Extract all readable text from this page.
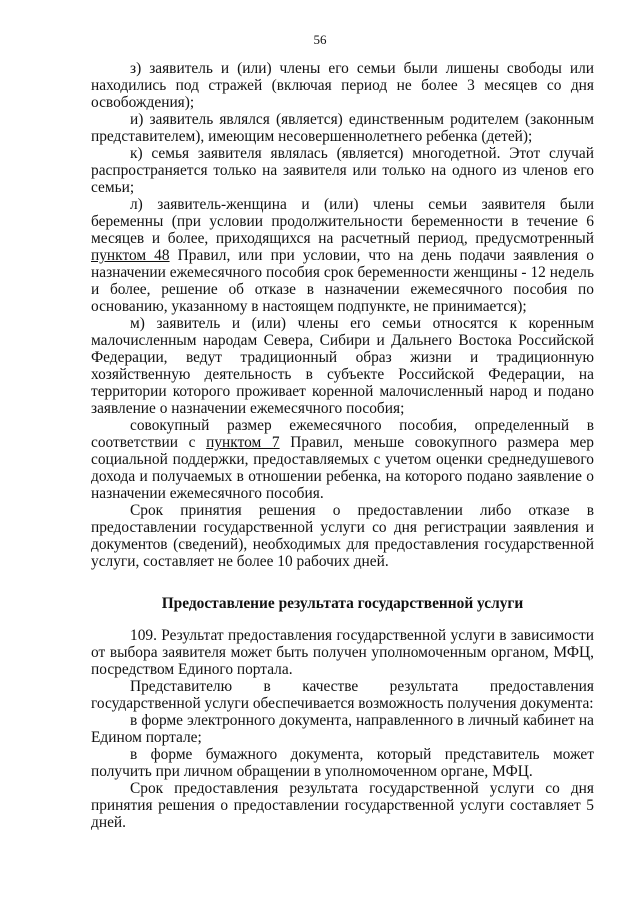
56

з) заявитель и (или) члены его семьи были лишены свободы или находились под стражей (включая период не более 3 месяцев со дня освобождения);

и) заявитель являлся (является) единственным родителем (законным представителем), имеющим несовершеннолетнего ребенка (детей);

к) семья заявителя являлась (является) многодетной. Этот случай распространяется только на заявителя или только на одного из членов его семьи;

л) заявитель-женщина и (или) члены семьи заявителя были беременны (при условии продолжительности беременности в течение 6 месяцев и более, приходящихся на расчетный период, предусмотренный пунктом 48 Правил, или при условии, что на день подачи заявления о назначении ежемесячного пособия срок беременности женщины - 12 недель и более, решение об отказе в назначении ежемесячного пособия по основанию, указанному в настоящем подпункте, не принимается);

м) заявитель и (или) члены его семьи относятся к коренным малочисленным народам Севера, Сибири и Дальнего Востока Российской Федерации, ведут традиционный образ жизни и традиционную хозяйственную деятельность в субъекте Российской Федерации, на территории которого проживает коренной малочисленный народ и подано заявление о назначении ежемесячного пособия;

совокупный размер ежемесячного пособия, определенный в соответствии с пунктом 7 Правил, меньше совокупного размера мер социальной поддержки, предоставляемых с учетом оценки среднедушевого дохода и получаемых в отношении ребенка, на которого подано заявление о назначении ежемесячного пособия.

Срок принятия решения о предоставлении либо отказе в предоставлении государственной услуги со дня регистрации заявления и документов (сведений), необходимых для предоставления государственной услуги, составляет не более 10 рабочих дней.

Предоставление результата государственной услуги

109. Результат предоставления государственной услуги в зависимости от выбора заявителя может быть получен уполномоченным органом, МФЦ, посредством Единого портала.

Представителю в качестве результата предоставления государственной услуги обеспечивается возможность получения документа:

в форме электронного документа, направленного в личный кабинет на Едином портале;

в форме бумажного документа, который представитель может получить при личном обращении в уполномоченном органе, МФЦ.

Срок предоставления результата государственной услуги со дня принятия решения о предоставлении государственной услуги составляет 5 дней.
